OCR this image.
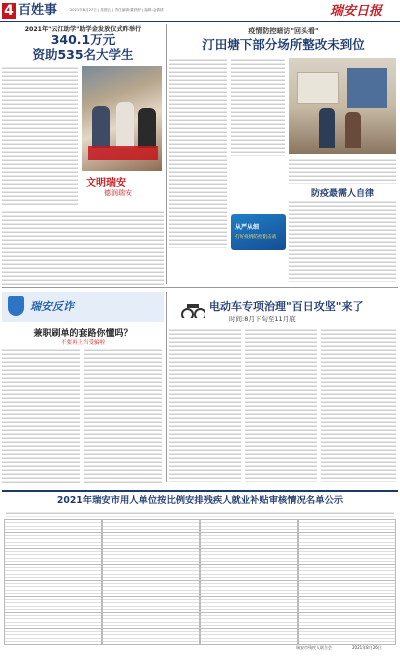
4 百姓事	2021年8月27日 | 星期五 | 责任编辑:董舒舒 | 编辑:金倩倩	瑞安日报
2021年"云江助学"助学金发放仪式昨举行
340.1万元
资助535名大学生
文明瑞安
德润瑞安
疫情防控暗访"回头看"
汀田塘下部分场所整改未到位
从严从细
打好疫情防控阻击战
防疫最需人自律
瑞安反诈
兼职刷单的套路你懂吗？
不要再上当受骗啦
电动车专项治理"百日攻坚"来了
时间:8月下旬至11月底
2021年瑞安市用人单位按比例安排残疾人就业补贴审核情况名单公示
瑞安市残疾人联合会	2021年8月26日
